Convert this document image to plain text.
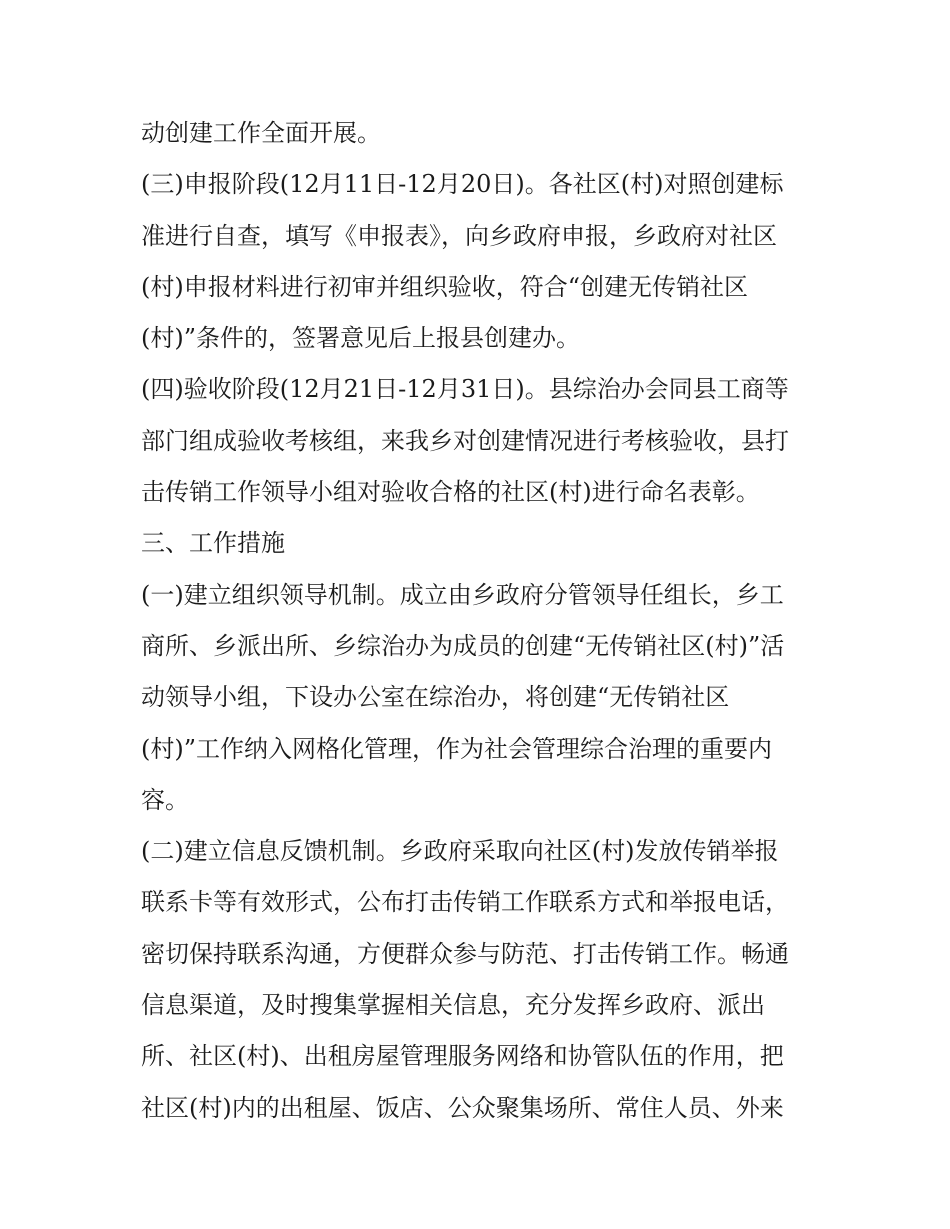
动创建工作全面开展。
(三)申报阶段(12月11日-12月20日)。各社区(村)对照创建标
准进行自查，填写《申报表》，向乡政府申报，乡政府对社区
(村)申报材料进行初审并组织验收，符合“创建无传销社区
(村)”条件的，签署意见后上报县创建办。
(四)验收阶段(12月21日-12月31日)。县综治办会同县工商等
部门组成验收考核组，来我乡对创建情况进行考核验收，县打
击传销工作领导小组对验收合格的社区(村)进行命名表彰。
三、工作措施
(一)建立组织领导机制。成立由乡政府分管领导任组长，乡工
商所、乡派出所、乡综治办为成员的创建“无传销社区(村)”活
动领导小组，下设办公室在综治办，将创建“无传销社区
(村)”工作纳入网格化管理，作为社会管理综合治理的重要内
容。
(二)建立信息反馈机制。乡政府采取向社区(村)发放传销举报
联系卡等有效形式，公布打击传销工作联系方式和举报电话，
密切保持联系沟通，方便群众参与防范、打击传销工作。畅通
信息渠道，及时搜集掌握相关信息，充分发挥乡政府、派出
所、社区(村)、出租房屋管理服务网络和协管队伍的作用，把
社区(村)内的出租屋、饭店、公众聚集场所、常住人员、外来
